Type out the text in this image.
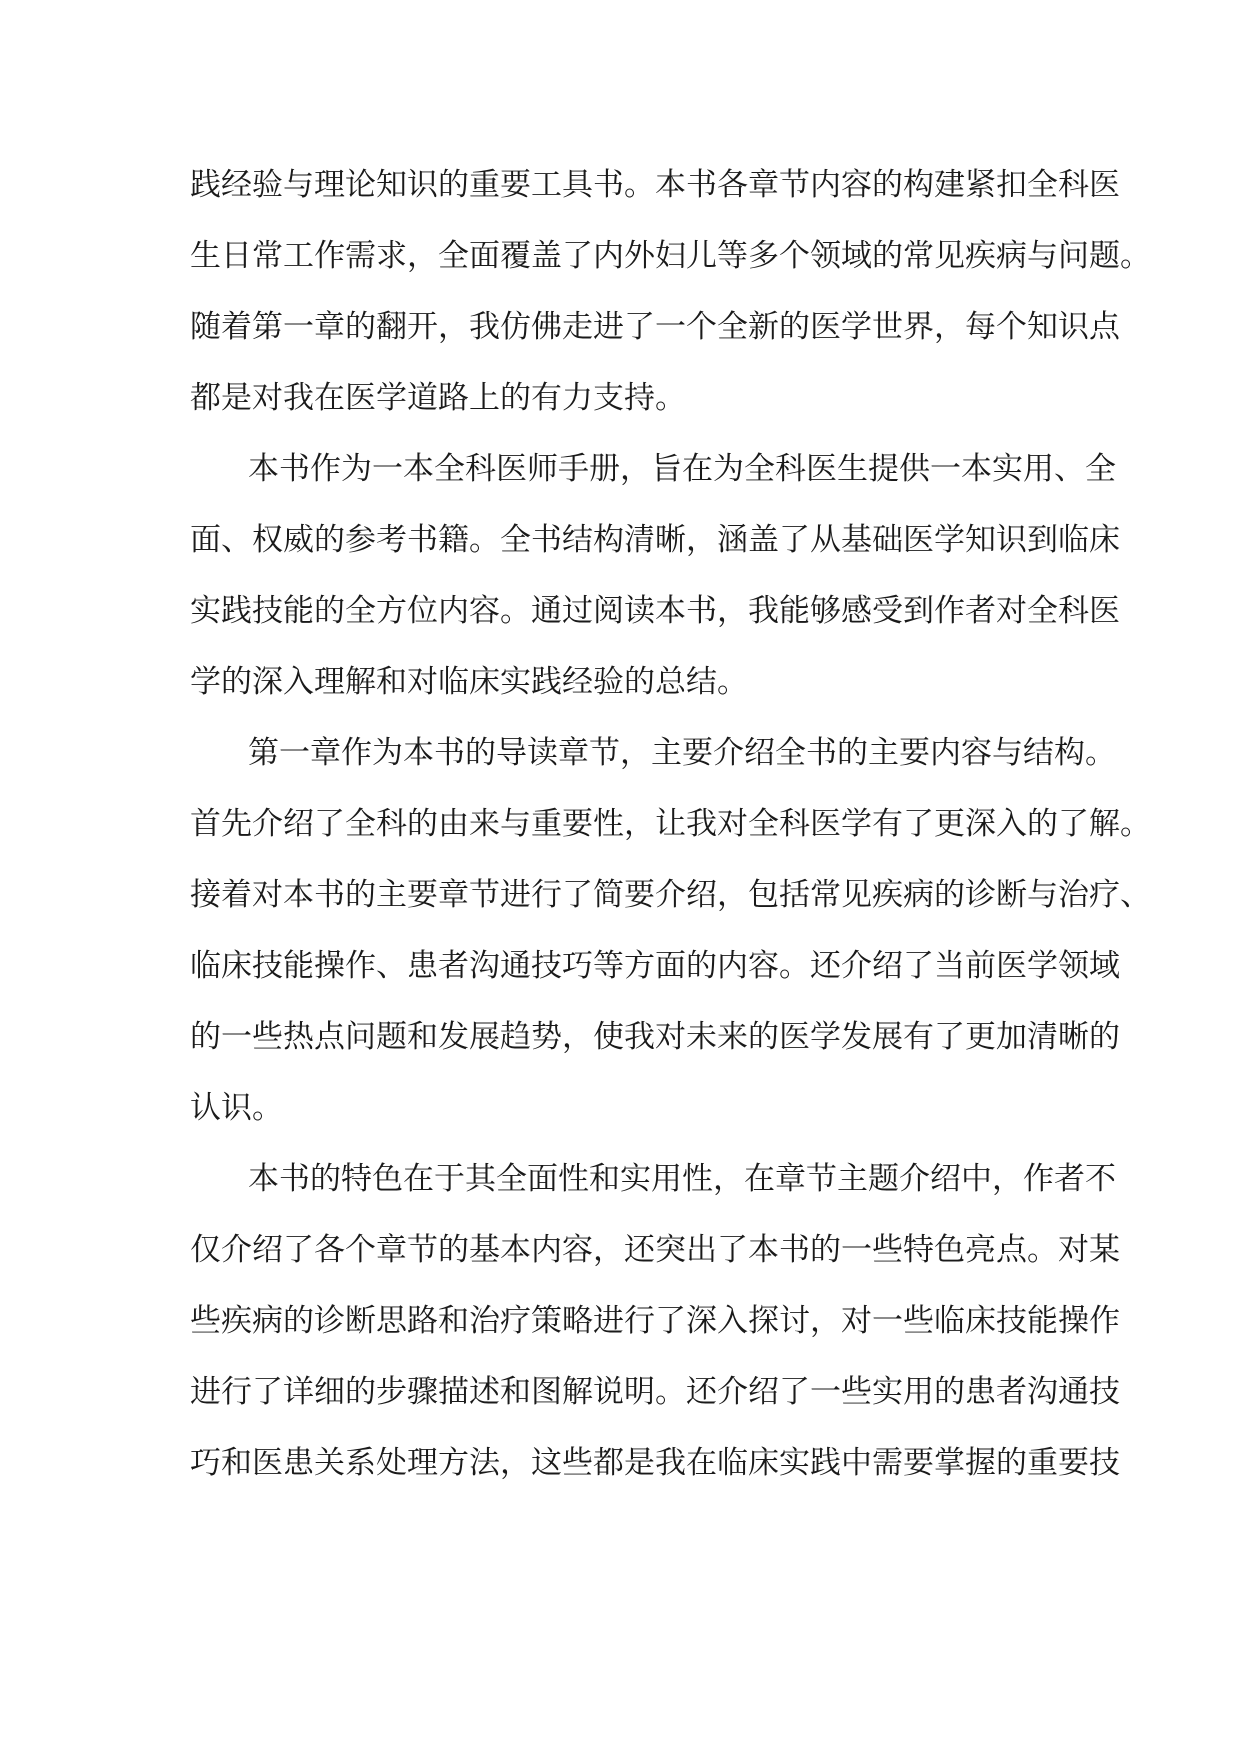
践经验与理论知识的重要工具书。本书各章节内容的构建紧扣全科医
生日常工作需求，全面覆盖了内外妇儿等多个领域的常见疾病与问题。
随着第一章的翻开，我仿佛走进了一个全新的医学世界，每个知识点
都是对我在医学道路上的有力支持。

本书作为一本全科医师手册，旨在为全科医生提供一本实用、全
面、权威的参考书籍。全书结构清晰，涵盖了从基础医学知识到临床
实践技能的全方位内容。通过阅读本书，我能够感受到作者对全科医
学的深入理解和对临床实践经验的总结。

第一章作为本书的导读章节，主要介绍全书的主要内容与结构。
首先介绍了全科的由来与重要性，让我对全科医学有了更深入的了解。
接着对本书的主要章节进行了简要介绍，包括常见疾病的诊断与治疗、
临床技能操作、患者沟通技巧等方面的内容。还介绍了当前医学领域
的一些热点问题和发展趋势，使我对未来的医学发展有了更加清晰的
认识。

本书的特色在于其全面性和实用性，在章节主题介绍中，作者不
仅介绍了各个章节的基本内容，还突出了本书的一些特色亮点。对某
些疾病的诊断思路和治疗策略进行了深入探讨，对一些临床技能操作
进行了详细的步骤描述和图解说明。还介绍了一些实用的患者沟通技
巧和医患关系处理方法，这些都是我在临床实践中需要掌握的重要技
